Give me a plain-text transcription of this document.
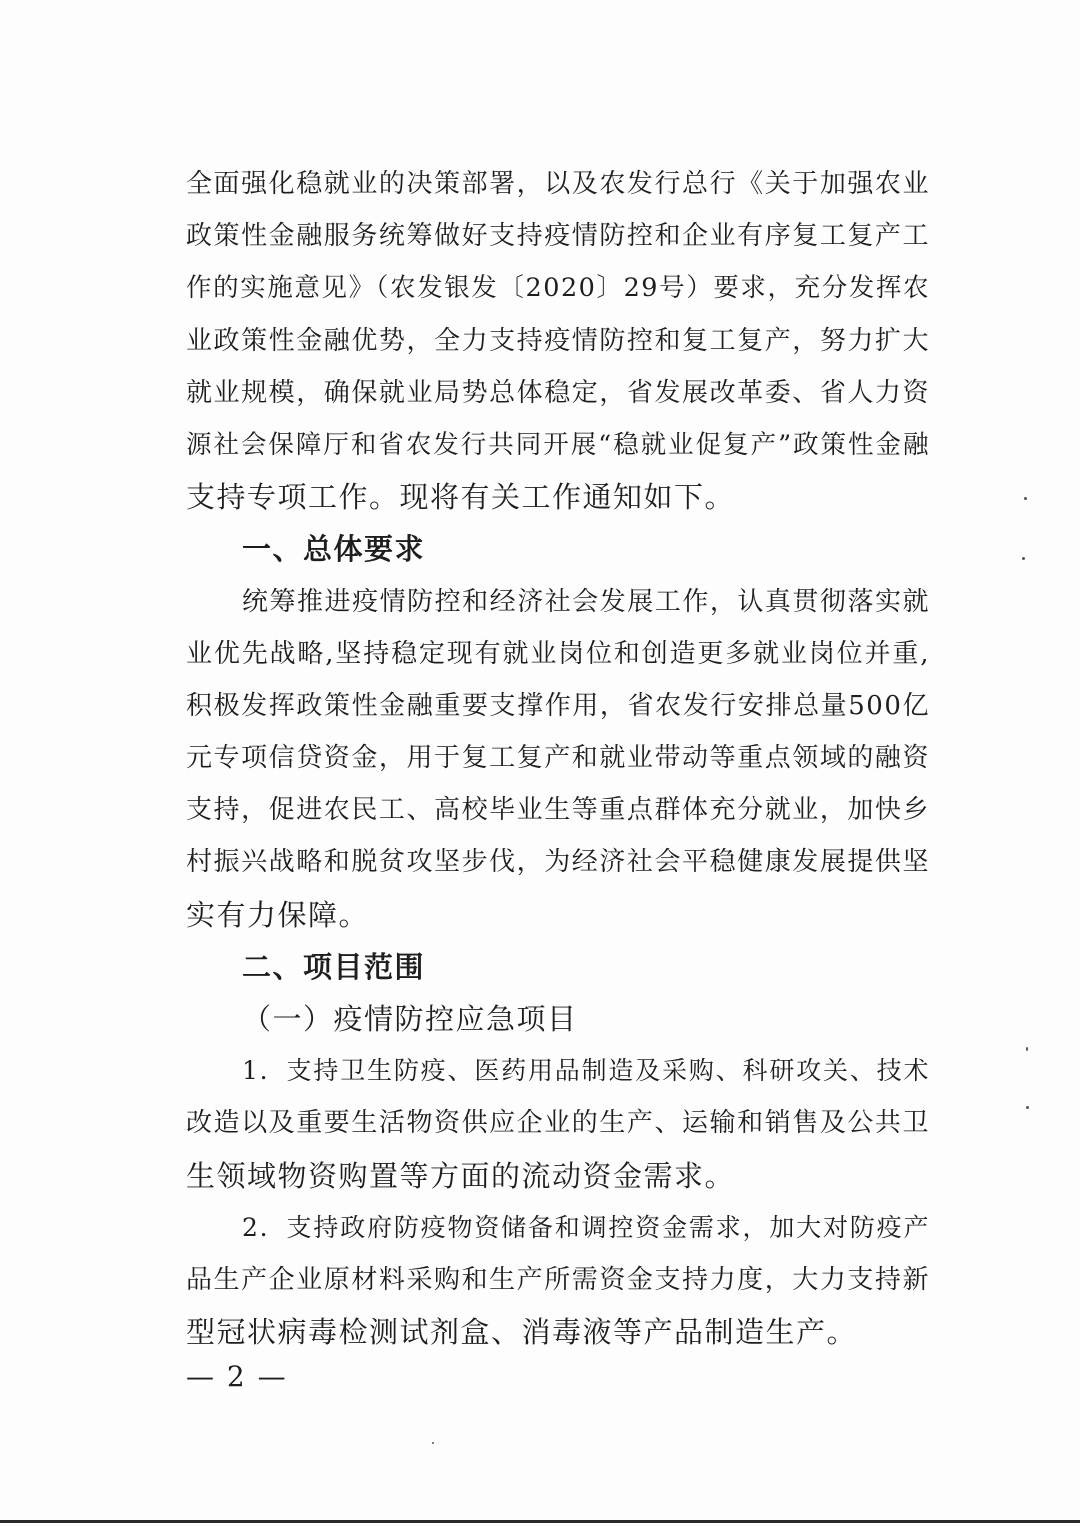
全面强化稳就业的决策部署，以及农发行总行《关于加强农业
政策性金融服务统筹做好支持疫情防控和企业有序复工复产工
作的实施意见》（农发银发〔2020〕29号）要求，充分发挥农
业政策性金融优势，全力支持疫情防控和复工复产，努力扩大
就业规模，确保就业局势总体稳定，省发展改革委、省人力资
源社会保障厅和省农发行共同开展“稳就业促复产”政策性金融
支持专项工作。现将有关工作通知如下。
一、总体要求
统筹推进疫情防控和经济社会发展工作，认真贯彻落实就
业优先战略,坚持稳定现有就业岗位和创造更多就业岗位并重,
积极发挥政策性金融重要支撑作用，省农发行安排总量500亿
元专项信贷资金，用于复工复产和就业带动等重点领域的融资
支持，促进农民工、高校毕业生等重点群体充分就业，加快乡
村振兴战略和脱贫攻坚步伐，为经济社会平稳健康发展提供坚
实有力保障。
二、项目范围
（一）疫情防控应急项目
1．支持卫生防疫、医药用品制造及采购、科研攻关、技术
改造以及重要生活物资供应企业的生产、运输和销售及公共卫
生领域物资购置等方面的流动资金需求。
2．支持政府防疫物资储备和调控资金需求，加大对防疫产
品生产企业原材料采购和生产所需资金支持力度，大力支持新
型冠状病毒检测试剂盒、消毒液等产品制造生产。
— 2 —
